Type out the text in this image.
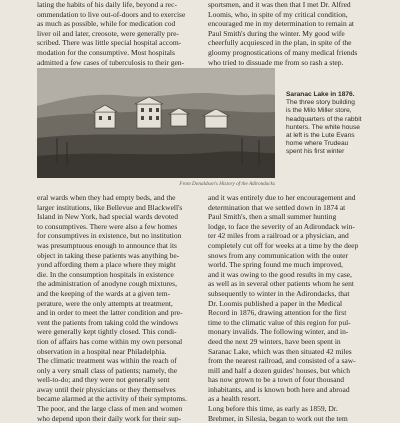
lating the habits of his daily life, beyond a rec-
ommendation to live out-of-doors and to exercise
as much as possible, while for medication cod
liver oil and later, creosote, were generally pre-
scribed. There was little special hospital accom-
modation for the consumptive. Most hospitals
admitted a few cases of tuberculosis to their gen-
sportsmen, and it was then that I met Dr. Alfred
Loomis, who, in spite of my critical condition,
encouraged me in my determination to remain at
Paul Smith's during the winter. My good wife
cheerfully acquiesced in the plan, in spite of the
gloomy prognostications of many medical friends
who tried to dissuade me from so rash a step.
From Donaldson's History of the Adirondacks
Saranac Lake in 1876.
The three story building
is the Milo Miller store,
headquarters of the rabbit
hunters. The white house
at left is the Lute Evans
home where Trudeau
spent his first winter
eral wards when they had empty beds, and the
larger institutions, like Bellevue and Blackwell's
Island in New York, had special wards devoted
to consumptives. There were also a few homes
for consumptives in existence, but no institution
was presumptuous enough to announce that its
object in taking these patients was anything be-
yond affording them a place where they might
die. In the consumption hospitals in existence
the administration of anodyne cough mixtures,
and the keeping of the wards at a given tem-
perature, were the only attempts at treatment,
and in order to meet the latter condition and pre-
vent the patients from taking cold the windows
were generally kept tightly closed. This condi-
tion of affairs has come within my own personal
observation in a hospital near Philadelphia.
The climatic treatment was within the reach of
only a very small class of patients; namely, the
well-to-do; and they were not generally sent
away until their physicians or they themselves
became alarmed at the activity of their symptoms.
The poor, and the large class of men and women
who depend upon their daily work for their sup-
and it was entirely due to her encouragement and
determination that we settled down in 1874 at
Paul Smith's, then a small summer hunting
lodge, to face the severity of an Adirondack win-
ter 42 miles from a railroad or a physician, and
completely cut off for weeks at a time by the deep
snows from any communication with the outer
world. The spring found me much improved,
and it was owing to the good results in my case,
as well as in several other patients whom he sent
subsequently to winter in the Adirondacks, that
Dr. Loomis published a paper in the Medical
Record in 1876, drawing attention for the first
time to the climatic value of this region for pul-
monary invalids. The following winter, and in-
deed the next 29 winters, have been spent in
Saranac Lake, which was then situated 42 miles
from the nearest railroad, and consisted of a saw-
mill and half a dozen guides' houses, but which
has now grown to be a town of four thousand
inhabitants, and is known both here and abroad
as a health resort.
Long before this time, as early as 1859, Dr.
Brehmer, in Silesia, began to work out the tem
